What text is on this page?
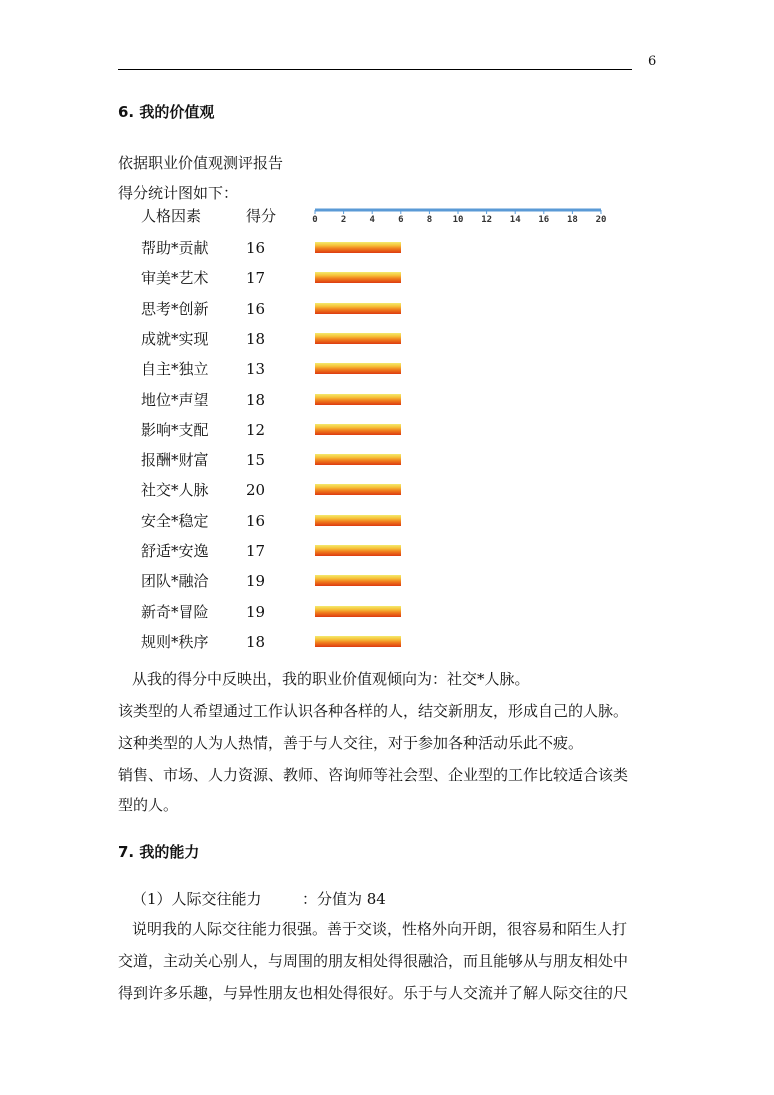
6
6. 我的价值观
依据职业价值观测评报告
得分统计图如下：
人格因素	得分	0	2	4	6	8 10 12 14 16 18 20
帮助*贡献 16
审美*艺术 17
思考*创新 16
成就*实现 18
自主*独立 13
地位*声望 18
影响*支配 12
报酬*财富 15
社交*人脉 20
安全*稳定 16
舒适*安逸 17
团队*融洽 19
新奇*冒险 19
规则*秩序 18
从我的得分中反映出，我的职业价值观倾向为：社交*人脉。
该类型的人希望通过工作认识各种各样的人，结交新朋友，形成自己的人脉。
这种类型的人为人热情，善于与人交往，对于参加各种活动乐此不疲。
销售、市场、人力资源、教师、咨询师等社会型、企业型的工作比较适合该类
型的人。
7. 我的能力
（1）人际交往能力	：分值为 84
说明我的人际交往能力很强。善于交谈，性格外向开朗，很容易和陌生人打
交道，主动关心别人，与周围的朋友相处得很融洽，而且能够从与朋友相处中
得到许多乐趣，与异性朋友也相处得很好。乐于与人交流并了解人际交往的尺
